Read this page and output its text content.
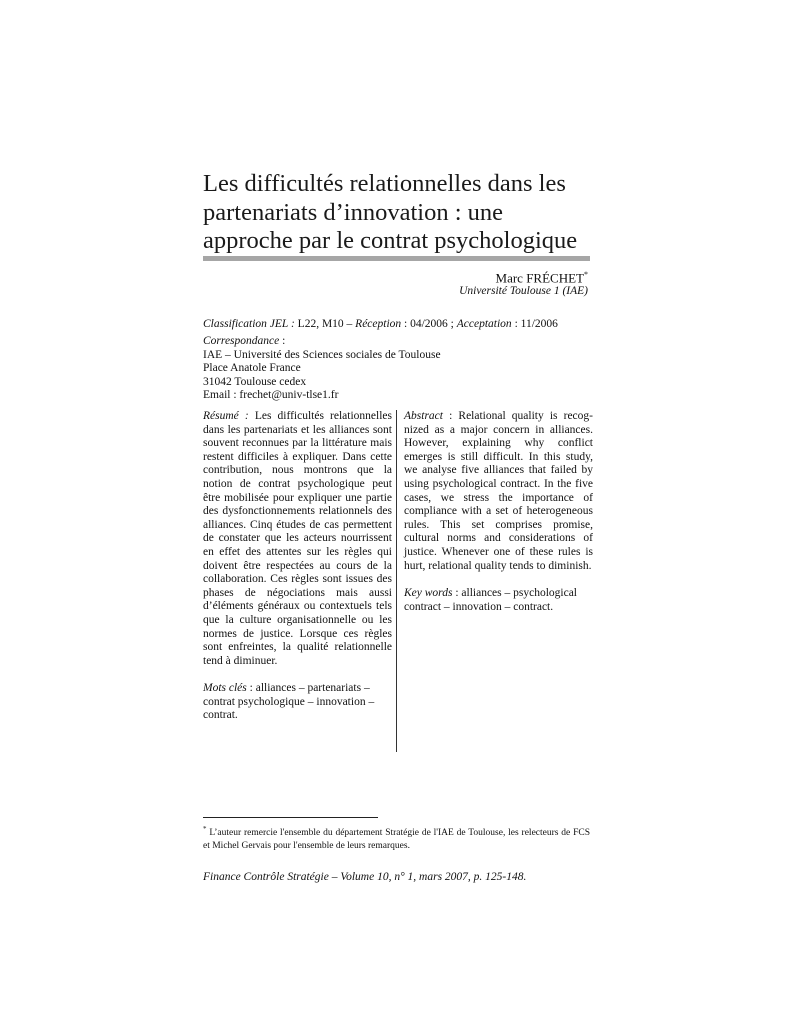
Les difficultés relationnelles dans les
partenariats d’innovation : une
approche par le contrat psychologique
Marc FRÉCHET*
Université Toulouse 1 (IAE)
Classification JEL : L22, M10 – Réception : 04/2006 ; Acceptation : 11/2006
Correspondance :
IAE – Université des Sciences sociales de Toulouse
Place Anatole France
31042 Toulouse cedex
Email : frechet@univ-tlse1.fr

Résumé : Les difficultés relationnelles dans les partenariats et les alliances sont souvent reconnues par la littérature mais restent difficiles à expliquer. Dans cette contribution, nous montrons que la notion de contrat psychologique peut être mobilisée pour expliquer une partie des dysfonctionnements relationnels des alliances. Cinq études de cas permettent de constater que les acteurs nourrissent en effet des attentes sur les règles qui doivent être respectées au cours de la collaboration. Ces règles sont issues des phases de négociations mais aussi d’éléments généraux ou contextuels tels que la culture organisationnelle ou les normes de justice. Lorsque ces règles sont enfreintes, la qualité relationnelle tend à diminuer.

Mots clés : alliances – partenariats – contrat psychologique – innovation – contrat.

Abstract : Relational quality is recognized as a major concern in alliances. However, explaining why conflict emerges is still difficult. In this study, we analyse five alliances that failed by using psychological contract. In the five cases, we stress the importance of compliance with a set of heterogeneous rules. This set comprises promise, cultural norms and considerations of justice. Whenever one of these rules is hurt, relational quality tends to diminish.

Key words : alliances – psychological contract – innovation – contract.

* L’auteur remercie l'ensemble du département Stratégie de l'IAE de Toulouse, les relecteurs de FCS et Michel Gervais pour l'ensemble de leurs remarques.
Finance Contrôle Stratégie – Volume 10, n° 1, mars 2007, p. 125-148.
